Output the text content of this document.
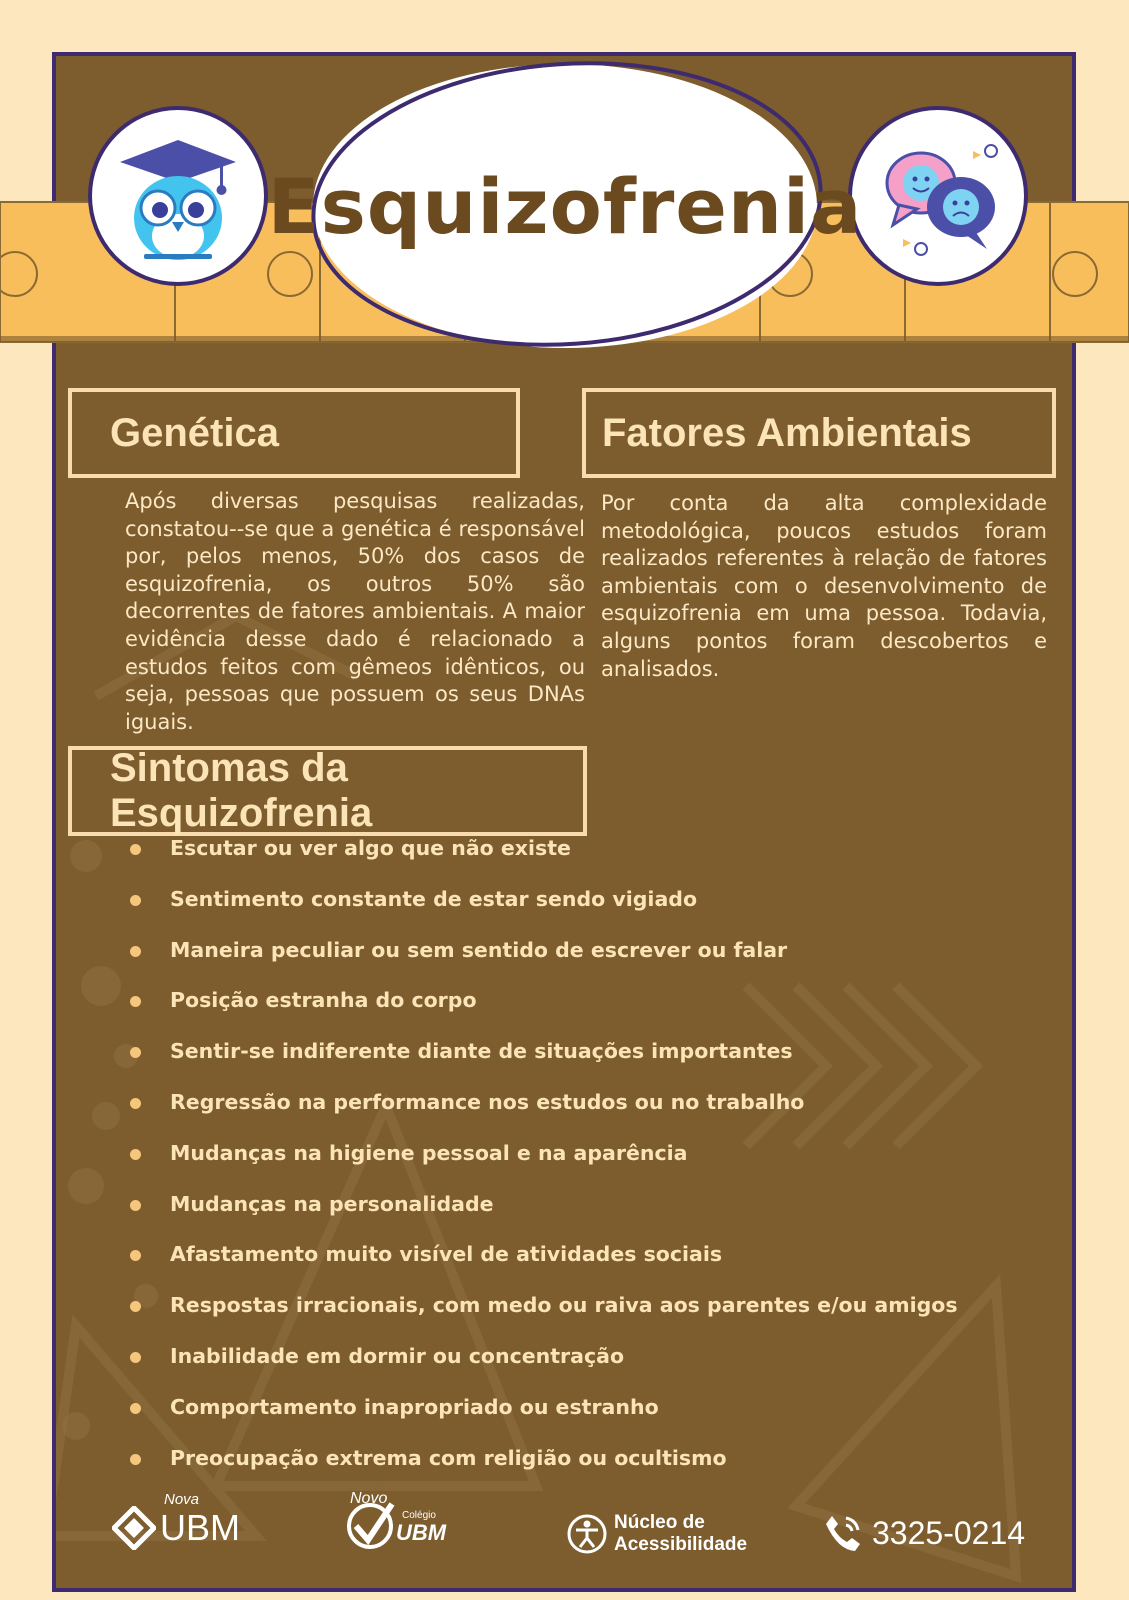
Esquizofrenia
Genética
Após diversas pesquisas realizadas, constatou--se que a genética é responsável por, pelos menos, 50% dos casos de esquizofrenia, os outros 50% são decorrentes de fatores ambientais. A maior evidência desse dado é relacionado a estudos feitos com gêmeos idênticos, ou seja, pessoas que possuem os seus DNAs iguais.
Fatores Ambientais
Por conta da alta complexidade metodológica, poucos estudos foram realizados referentes à relação de fatores ambientais com o desenvolvimento de esquizofrenia em uma pessoa. Todavia, alguns pontos foram descobertos e analisados.
Sintomas da Esquizofrenia
Escutar ou ver algo que não existe
Sentimento constante de estar sendo vigiado
Maneira peculiar ou sem sentido de escrever ou falar
Posição estranha do corpo
Sentir-se indiferente diante de situações importantes
Regressão na performance nos estudos ou no trabalho
Mudanças na higiene pessoal e na aparência
Mudanças na personalidade
Afastamento muito visível de atividades sociais
Respostas irracionais, com medo ou raiva aos parentes e/ou amigos
Inabilidade em dormir ou concentração
Comportamento inapropriado ou estranho
Preocupação extrema com religião ou ocultismo
Nova
UBM
Novo
Colégio
UBM	Núcleo de
Acessibilidade	3325-0214
